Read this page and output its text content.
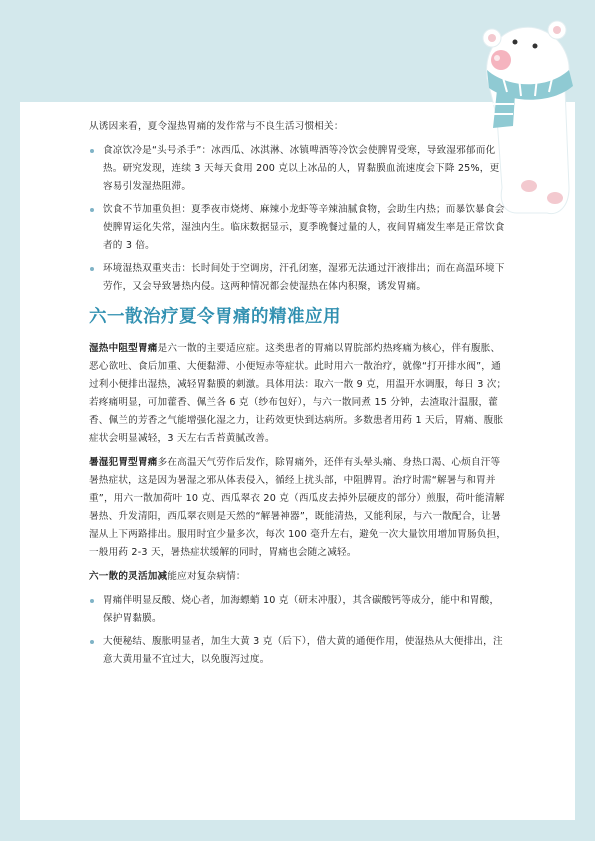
从诱因来看，夏令湿热胃痛的发作常与不良生活习惯相关：

食凉饮冷是“头号杀手”：冰西瓜、冰淇淋、冰镇啤酒等冷饮会使脾胃受寒，导致湿邪郁而化热。研究发现，连续 3 天每天食用 200 克以上冰品的人，胃黏膜血流速度会下降 25%，更容易引发湿热阻滞。
饮食不节加重负担：夏季夜市烧烤、麻辣小龙虾等辛辣油腻食物，会助生内热；而暴饮暴食会使脾胃运化失常，湿浊内生。临床数据显示，夏季晚餐过量的人，夜间胃痛发生率是正常饮食者的 3 倍。
环境湿热双重夹击：长时间处于空调房，汗孔闭塞，湿邪无法通过汗液排出；而在高温环境下劳作，又会导致暑热内侵。这两种情况都会使湿热在体内积聚，诱发胃痛。
六一散治疗夏令胃痛的精准应用

湿热中阻型胃痛是六一散的主要适应症。这类患者的胃痛以胃脘部灼热疼痛为核心，伴有腹胀、恶心欲吐、食后加重、大便黏滞、小便短赤等症状。此时用六一散治疗，就像“打开排水阀”，通过利小便排出湿热，减轻胃黏膜的刺激。具体用法：取六一散 9 克，用温开水调服，每日 3 次；若疼痛明显，可加藿香、佩兰各 6 克（纱布包好），与六一散同煮 15 分钟，去渣取汁温服，藿香、佩兰的芳香之气能增强化湿之力，让药效更快到达病所。多数患者用药 1 天后，胃痛、腹胀症状会明显减轻，3 天左右舌苔黄腻改善。

暑湿犯胃型胃痛多在高温天气劳作后发作，除胃痛外，还伴有头晕头痛、身热口渴、心烦自汗等暑热症状，这是因为暑湿之邪从体表侵入，循经上扰头部，中阻脾胃。治疗时需“解暑与和胃并重”，用六一散加荷叶 10 克、西瓜翠衣 20 克（西瓜皮去掉外层硬皮的部分）煎服，荷叶能清解暑热、升发清阳，西瓜翠衣则是天然的“解暑神器”，既能清热，又能利尿，与六一散配合，让暑湿从上下两路排出。服用时宜少量多次，每次 100 毫升左右，避免一次大量饮用增加胃肠负担，一般用药 2-3 天，暑热症状缓解的同时，胃痛也会随之减轻。

六一散的灵活加减能应对复杂病情：

胃痛伴明显反酸、烧心者，加海螵蛸 10 克（研末冲服），其含碳酸钙等成分，能中和胃酸，保护胃黏膜。
大便秘结、腹胀明显者，加生大黄 3 克（后下），借大黄的通便作用，使湿热从大便排出，注意大黄用量不宜过大，以免腹泻过度。
